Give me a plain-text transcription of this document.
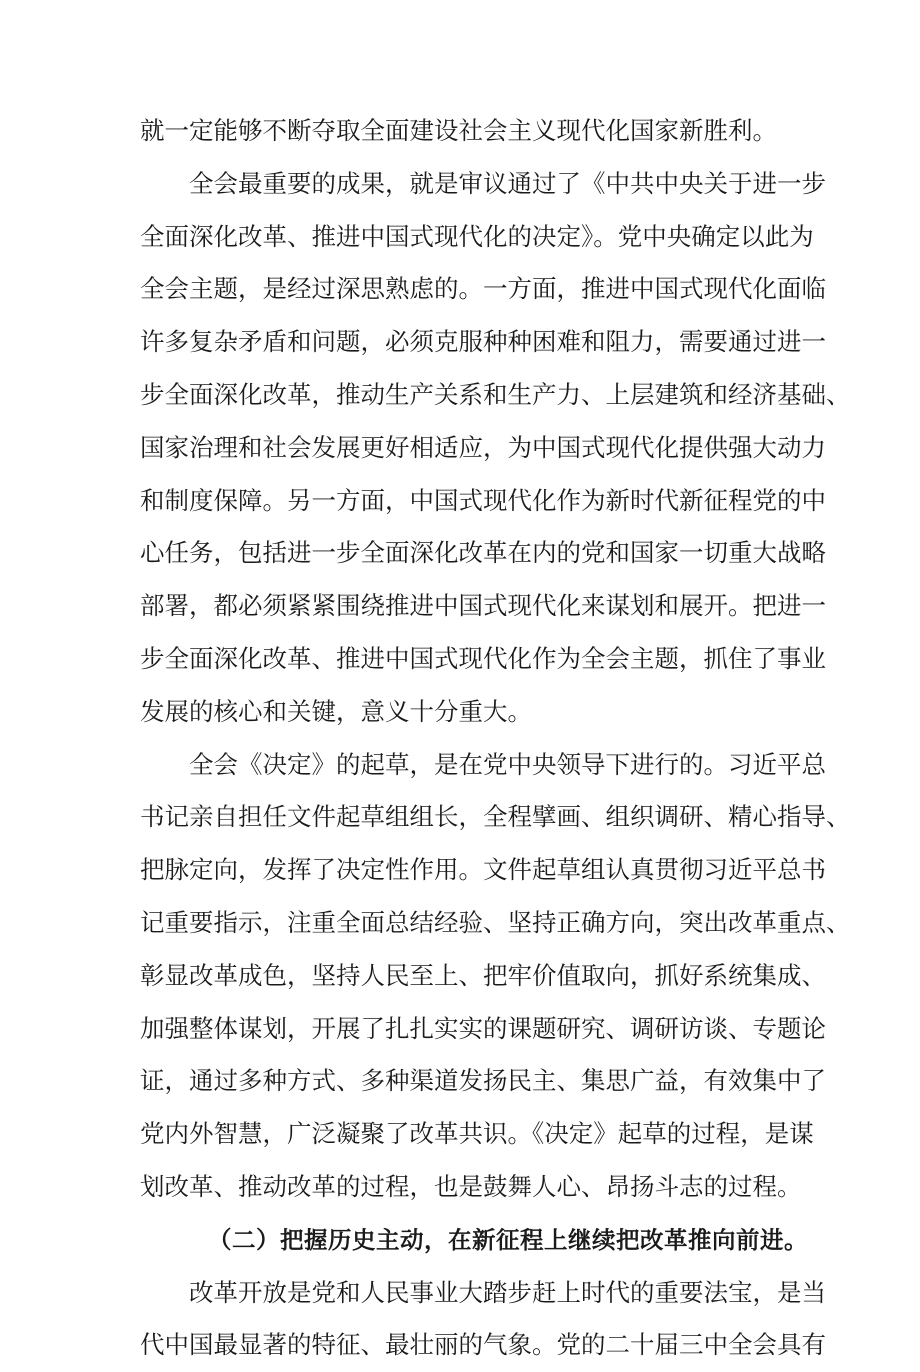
就一定能够不断夺取全面建设社会主义现代化国家新胜利。
全会最重要的成果，就是审议通过了《中共中央关于进一步
全面深化改革、推进中国式现代化的决定》。党中央确定以此为
全会主题，是经过深思熟虑的。一方面，推进中国式现代化面临
许多复杂矛盾和问题，必须克服种种困难和阻力，需要通过进一
步全面深化改革，推动生产关系和生产力、上层建筑和经济基础、
国家治理和社会发展更好相适应，为中国式现代化提供强大动力
和制度保障。另一方面，中国式现代化作为新时代新征程党的中
心任务，包括进一步全面深化改革在内的党和国家一切重大战略
部署，都必须紧紧围绕推进中国式现代化来谋划和展开。把进一
步全面深化改革、推进中国式现代化作为全会主题，抓住了事业
发展的核心和关键，意义十分重大。
全会《决定》的起草，是在党中央领导下进行的。习近平总
书记亲自担任文件起草组组长，全程擘画、组织调研、精心指导、
把脉定向，发挥了决定性作用。文件起草组认真贯彻习近平总书
记重要指示，注重全面总结经验、坚持正确方向，突出改革重点、
彰显改革成色，坚持人民至上、把牢价值取向，抓好系统集成、
加强整体谋划，开展了扎扎实实的课题研究、调研访谈、专题论
证，通过多种方式、多种渠道发扬民主、集思广益，有效集中了
党内外智慧，广泛凝聚了改革共识。《决定》起草的过程，是谋
划改革、推动改革的过程，也是鼓舞人心、昂扬斗志的过程。
（二）把握历史主动，在新征程上继续把改革推向前进。
改革开放是党和人民事业大踏步赶上时代的重要法宝，是当
代中国最显著的特征、最壮丽的气象。党的二十届三中全会具有
